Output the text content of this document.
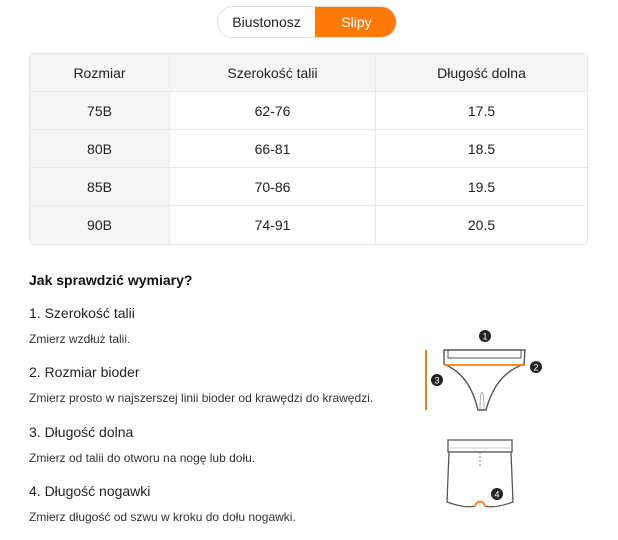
Biustonosz	Slipy
Rozmiar	Szerokość talii	Długość dolna
75B	62-76	17.5
80B	66-81	18.5
85B	70-86	19.5
90B	74-91	20.5
Jak sprawdzić wymiary?
1. Szerokość talii
Zmierz wzdłuż talii.
2. Rozmiar bioder
Zmierz prosto w najszerszej linii bioder od krawędzi do krawędzi.
3. Długość dolna
Zmierz od talii do otworu na nogę lub dołu.
4. Długość nogawki
Zmierz długość od szwu w kroku do dołu nogawki.
1
2
3
4
